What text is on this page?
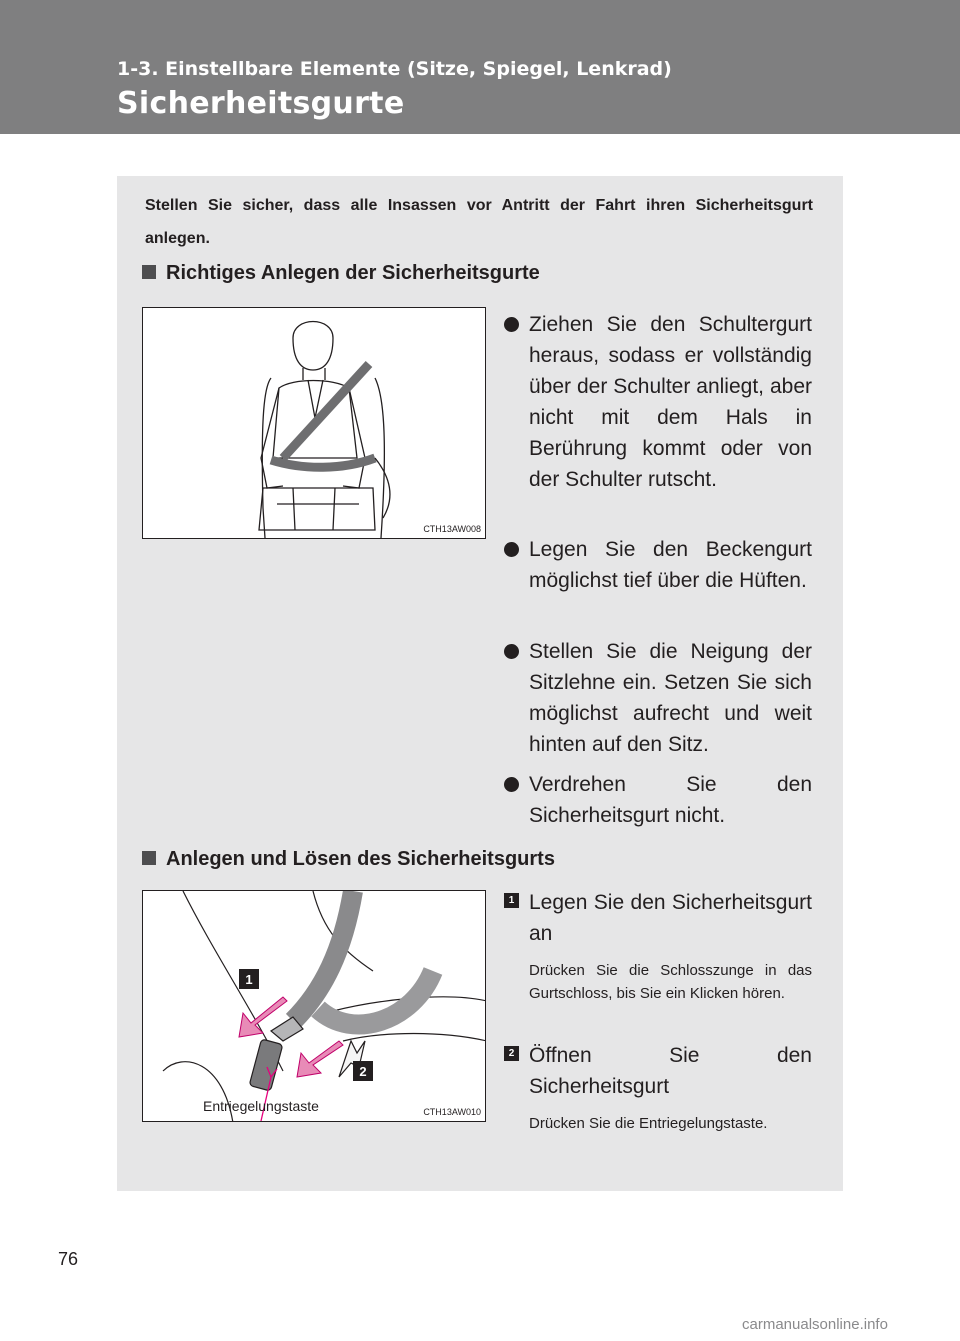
1-3. Einstellbare Elemente (Sitze, Spiegel, Lenkrad)
Sicherheitsgurte
Stellen Sie sicher, dass alle Insassen vor Antritt der Fahrt ihren Sicherheitsgurt anlegen.
Richtiges Anlegen der Sicherheitsgurte
CTH13AW008
Ziehen Sie den Schultergurt heraus, sodass er vollständig über der Schulter anliegt, aber nicht mit dem Hals in Berührung kommt oder von der Schulter rutscht.
Legen Sie den Beckengurt möglichst tief über die Hüften.
Stellen Sie die Neigung der Sitzlehne ein. Setzen Sie sich möglichst aufrecht und weit hinten auf den Sitz.
Verdrehen Sie den Sicherheitsgurt nicht.
Anlegen und Lösen des Sicherheitsgurts
1
2
Entriegelungstaste	CTH13AW010
1 Legen Sie den Sicherheitsgurt an
Drücken Sie die Schlosszunge in das Gurtschloss, bis Sie ein Klicken hören.
2 Öffnen Sie den Sicherheitsgurt
Drücken Sie die Entriegelungstaste.
76
carmanualsonline.info
